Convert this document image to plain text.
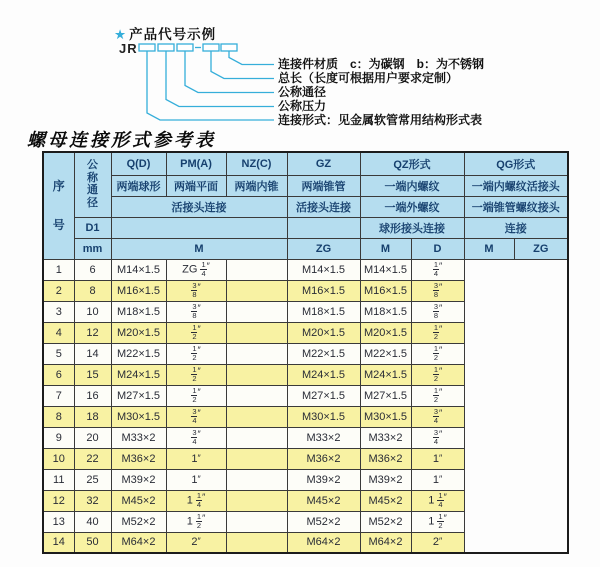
★ 产品代号示例
JR
连接件材质　c：为碳钢　b：为不锈钢
总长（长度可根据用户要求定制）
公称通径
公称压力
连接形式：见金属软管常用结构形式表
螺母连接形式参考表
序
号	公
称
通
径	Q(D)	PM(A)	NZ(C)	GZ	QZ形式		QG形式	
		两端球形	两端平面	两端内锥	两端锥管	一端内螺纹		一端内螺纹活接头	
		活接头连接			活接头连接	一端外螺纹		一端锥管螺纹接头	
	D1					球形接头连接		连接	
	mm	M			ZG	M	D	M	ZG
1	6	M14×1.5	ZG $\frac{1}{4} ''$		M14×1.5	M14×1.5	$\frac{1}{4} ''$
2	8	M16×1.5	$\frac{3}{8} ''$		M16×1.5	M16×1.5	$\frac{3}{8} ''$
3	10	M18×1.5	$\frac{3}{8} ''$		M18×1.5	M18×1.5	$\frac{3}{8} ''$
4	12	M20×1.5	$\frac{1}{2} ''$		M20×1.5	M20×1.5	$\frac{1}{2} ''$
5	14	M22×1.5	$\frac{1}{2} ''$		M22×1.5	M22×1.5	$\frac{1}{2} ''$
6	15	M24×1.5	$\frac{1}{2} ''$		M24×1.5	M24×1.5	$\frac{1}{2} ''$
7	16	M27×1.5	$\frac{1}{2} ''$		M27×1.5	M27×1.5	$\frac{1}{2} ''$
8	18	M30×1.5	$\frac{3}{4} ''$		M30×1.5	M30×1.5	$\frac{3}{4} ''$
9	20	M33×2	$\frac{3}{4} ''$		M33×2	M33×2	$\frac{3}{4} ''$
10	22	M36×2	1″		M36×2	M36×2	1″
11	25	M39×2	1″		M39×2	M39×2	1″
12	32	M45×2	$1 \frac{1}{4} ''$		M45×2	M45×2	$1 \frac{1}{4} ''$
13	40	M52×2	$1 \frac{1}{2} ''$		M52×2	M52×2	$1 \frac{1}{2} ''$
14	50	M64×2	2″		M64×2	M64×2	2″
